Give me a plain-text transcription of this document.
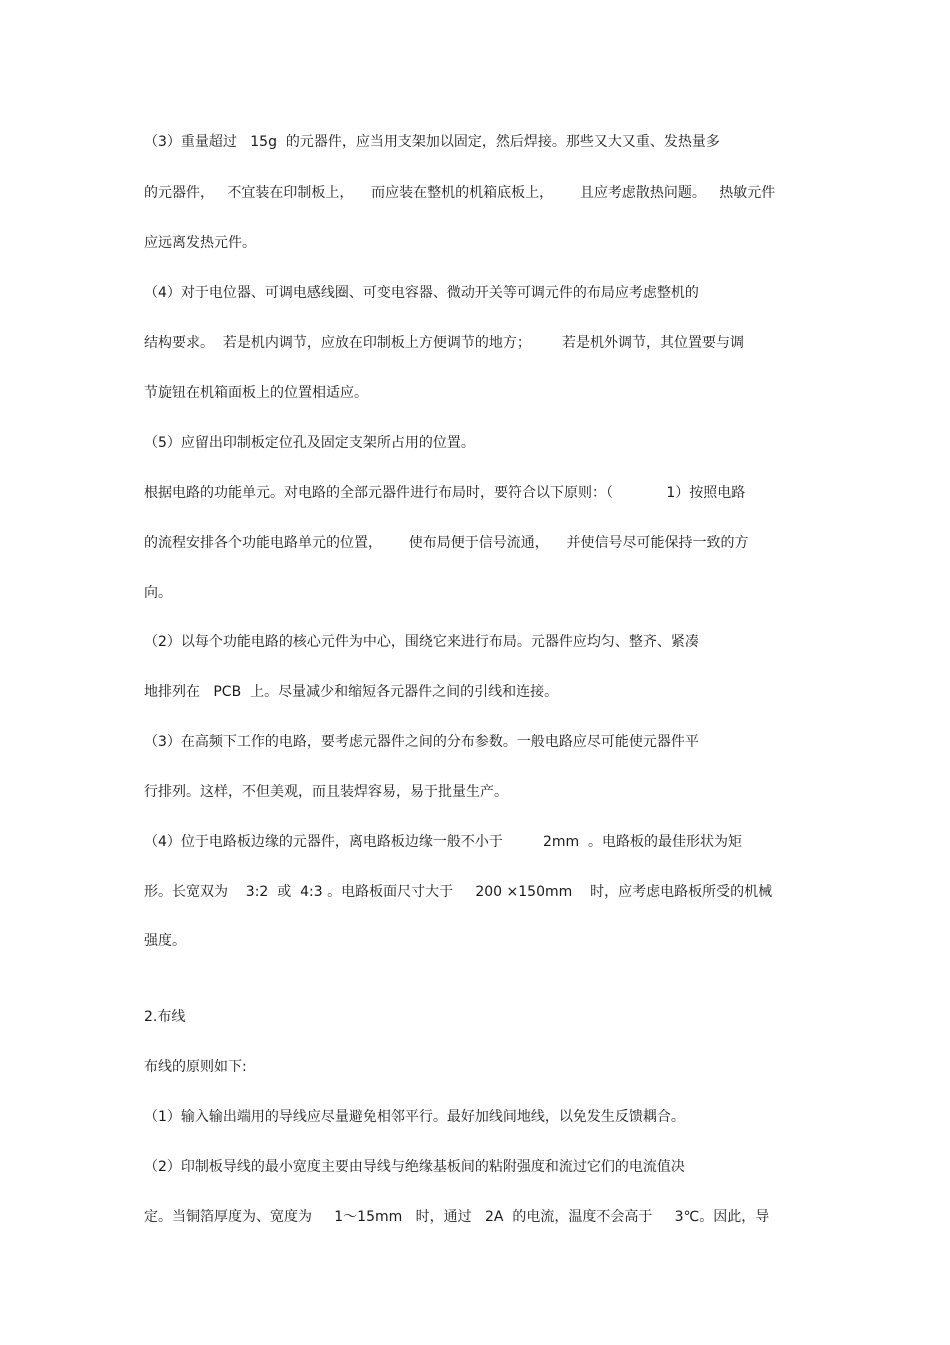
（3）重量超过   15g  的元器件，应当用支架加以固定，然后焊接。那些又大又重、发热量多
的元器件，   不宜装在印制板上，    而应装在整机的机箱底板上，      且应考虑散热问题。   热敏元件
应远离发热元件。
（4）对于电位器、可调电感线圈、可变电容器、微动开关等可调元件的布局应考虑整机的
结构要求。  若是机内调节，应放在印制板上方便调节的地方；       若是机外调节，其位置要与调
节旋钮在机箱面板上的位置相适应。
（5）应留出印制板定位孔及固定支架所占用的位置。
根据电路的功能单元。对电路的全部元器件进行布局时，要符合以下原则：（            1）按照电路
的流程安排各个功能电路单元的位置，      使布局便于信号流通，    并使信号尽可能保持一致的方
向。
（2）以每个功能电路的核心元件为中心，围绕它来进行布局。元器件应均匀、整齐、紧凑
地排列在   PCB  上。尽量减少和缩短各元器件之间的引线和连接。
（3）在高频下工作的电路，要考虑元器件之间的分布参数。一般电路应尽可能使元器件平
行排列。这样，不但美观，而且装焊容易，易于批量生产。
（4）位于电路板边缘的元器件，离电路板边缘一般不小于         2mm  。电路板的最佳形状为矩
形。长宽双为    3:2  或  4:3 。电路板面尺寸大于     200 ×150mm    时，应考虑电路板所受的机械
强度。
2.布线
布线的原则如下:
（1）输入输出端用的导线应尽量避免相邻平行。最好加线间地线，以免发生反馈耦合。
（2）印制板导线的最小宽度主要由导线与绝缘基板间的粘附强度和流过它们的电流值决
定。当铜箔厚度为、宽度为     1～15mm   时，通过   2A  的电流，温度不会高于     3℃。因此，导
